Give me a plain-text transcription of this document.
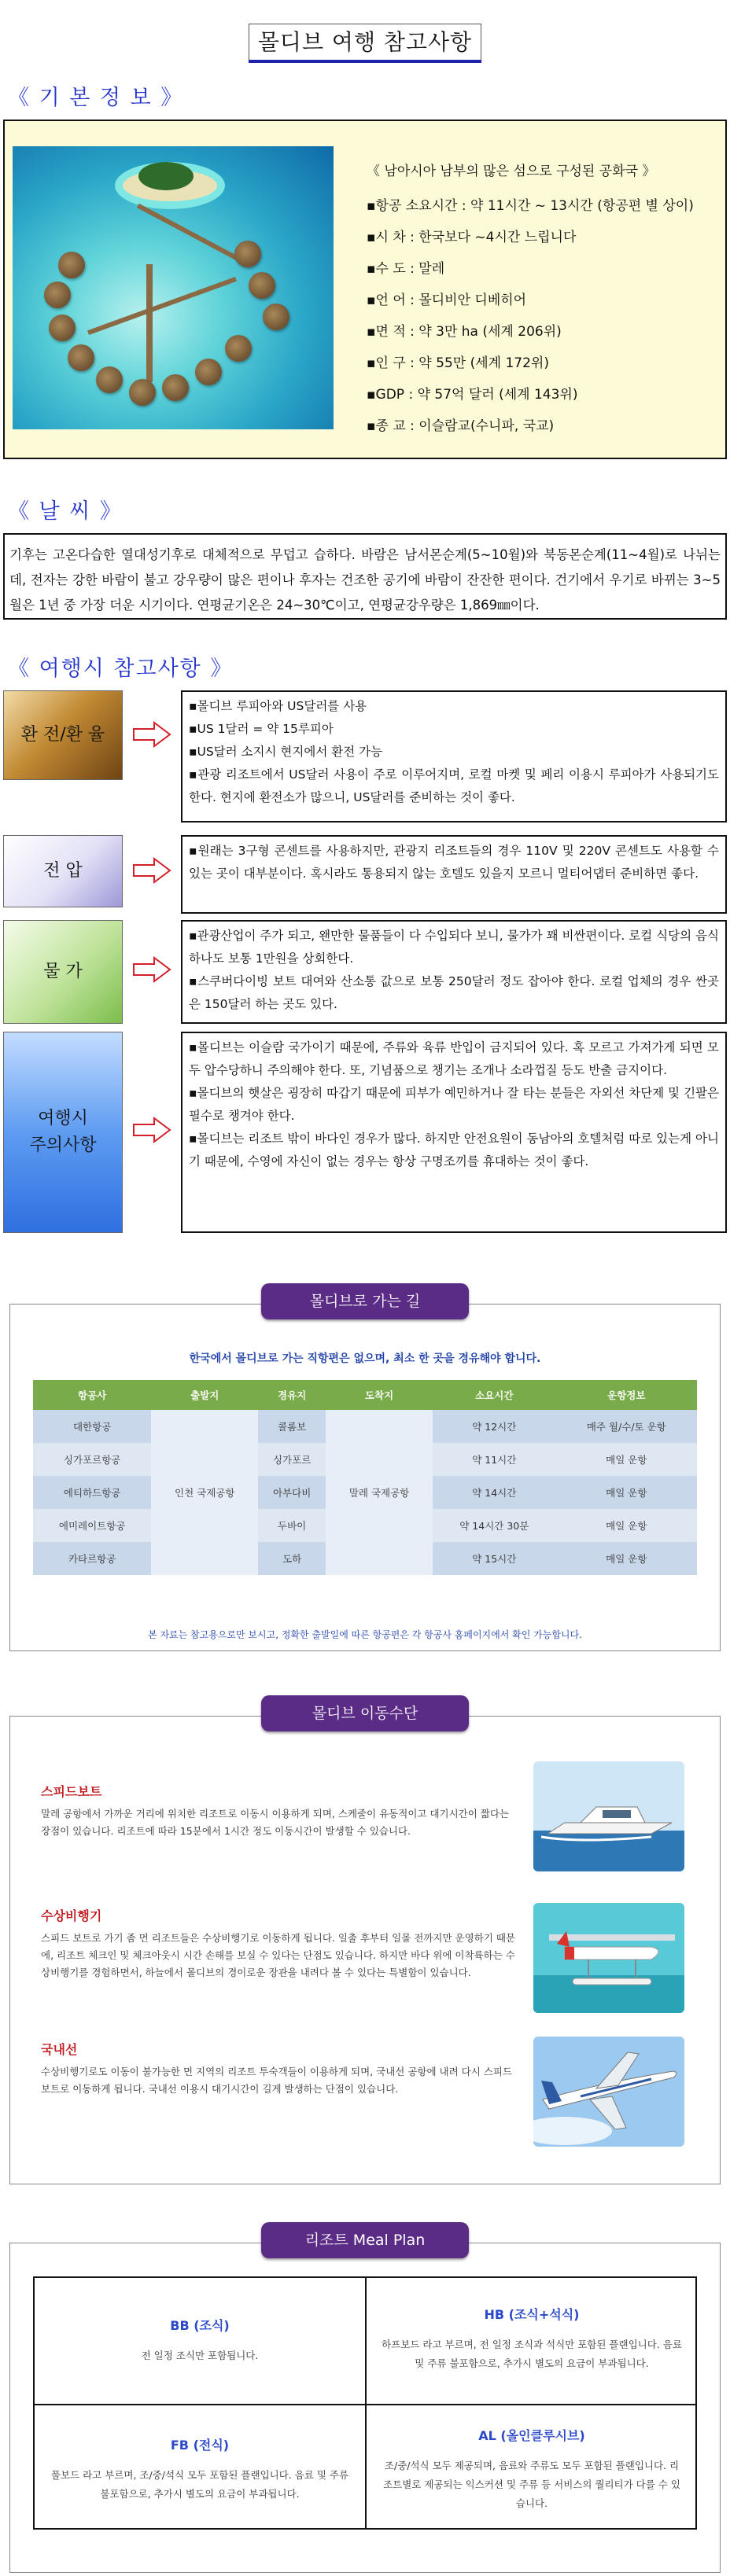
몰디브 여행 참고사항
《 기 본 정 보 》
《 남아시아 남부의 많은 섬으로 구성된 공화국 》
▪항공 소요시간 : 약 11시간 ~ 13시간 (항공편 별 상이)
▪시 차 : 한국보다 ~4시간 느립니다
▪수 도 : 말레
▪언 어 : 몰디비안 디베히어
▪면 적 : 약 3만 ha (세계 206위)
▪인 구 : 약 55만 (세계 172위)
▪GDP : 약 57억 달러 (세계 143위)
▪종 교 : 이슬람교(수니파, 국교)
《 날 씨 》
기후는 고온다습한 열대성기후로 대체적으로 무덥고 습하다. 바람은 남서몬순계(5~10월)와 북동몬순계(11~4월)로 나뉘는데, 전자는 강한 바람이 불고 강우량이 많은 편이나 후자는 건조한 공기에 바람이 잔잔한 편이다. 건기에서 우기로 바뀌는 3~5월은 1년 중 가장 더운 시기이다. 연평균기온은 24~30℃이고, 연평균강우량은 1,869㎜이다.
《 여행시 참고사항 》
환 전/환 율
▪몰디브 루피아와 US달러를 사용
▪US 1달러 = 약 15루피아
▪US달러 소지시 현지에서 환전 가능
▪관광 리조트에서 US달러 사용이 주로 이루어지며, 로컬 마켓 및 페리 이용시 루피아가 사용되기도 한다. 현지에 환전소가 많으니, US달러를 준비하는 것이 좋다.
전 압
▪원래는 3구형 콘센트를 사용하지만, 관광지 리조트들의 경우 110V 및 220V 콘센트도 사용할 수 있는 곳이 대부분이다. 혹시라도 통용되지 않는 호텔도 있을지 모르니 멀티어댑터 준비하면 좋다.
물 가
▪관광산업이 주가 되고, 왠만한 물품들이 다 수입되다 보니, 물가가 꽤 비싼편이다. 로컬 식당의 음식 하나도 보통 1만원을 상회한다.
▪스쿠버다이빙 보트 대여와 산소통 값으로 보통 250달러 정도 잡아야 한다. 로컬 업체의 경우 싼곳은 150달러 하는 곳도 있다.
여행시
주의사항
▪몰디브는 이슬람 국가이기 때문에, 주류와 육류 반입이 금지되어 있다. 혹 모르고 가져가게 되면 모두 압수당하니 주의해야 한다. 또, 기념품으로 챙기는 조개나 소라껍질 등도 반출 금지이다.
▪몰디브의 햇살은 굉장히 따갑기 때문에 피부가 예민하거나 잘 타는 분들은 자외선 차단제 및 긴팔은 필수로 챙겨야 한다.
▪몰디브는 리조트 밖이 바다인 경우가 많다. 하지만 안전요원이 동남아의 호텔처럼 따로 있는게 아니기 때문에, 수영에 자신이 없는 경우는 항상 구명조끼를 휴대하는 것이 좋다.
몰디브로 가는 길
한국에서 몰디브로 가는 직항편은 없으며, 최소 한 곳을 경유해야 합니다.
항공사	출발지	경유지	도착지	소요시간	운항정보
대한항공	인천 국제공항	콜롬보	말레 국제공항	약 12시간	매주 월/수/토 운항
싱가포르항공		싱가포르		약 11시간	매일 운항
에티하드항공		아부다비		약 14시간	매일 운항
에미레이트항공		두바이		약 14시간 30분	매일 운항
카타르항공		도하		약 15시간	매일 운항
본 자료는 참고용으로만 보시고, 정확한 출발일에 따른 항공편은 각 항공사 홈페이지에서 확인 가능합니다.
몰디브 이동수단
스피드보트
말레 공항에서 가까운 거리에 위치한 리조트로 이동시 이용하게 되며, 스케줄이 유동적이고 대기시간이 짧다는 장점이 있습니다. 리조트에 따라 15분에서 1시간 정도 이동시간이 발생할 수 있습니다.
수상비행기
스피드 보트로 가기 좀 먼 리조트들은 수상비행기로 이동하게 됩니다. 일출 후부터 일몰 전까지만 운영하기 때문에, 리조트 체크인 및 체크아웃시 시간 손해를 보실 수 있다는 단점도 있습니다. 하지만 바다 위에 이착륙하는 수상비행기를 경험하면서, 하늘에서 몰디브의 경이로운 장관을 내려다 볼 수 있다는 특별함이 있습니다.
국내선
수상비행기로도 이동이 불가능한 먼 지역의 리조트 투숙객들이 이용하게 되며, 국내선 공항에 내려 다시 스피드보트로 이동하게 됩니다. 국내선 이용시 대기시간이 길게 발생하는 단점이 있습니다.
리조트 Meal Plan
BB (조식)
전 일정 조식만 포함됩니다.
HB (조식+석식)
하프보드 라고 부르며, 전 일정 조식과 석식만 포함된 플랜입니다. 음료 및 주류 불포함으로, 추가시 별도의 요금이 부과됩니다.
FB (전식)
풀보드 라고 부르며, 조/중/석식 모두 포함된 플랜입니다. 음료 및 주류 불포함으로, 추가시 별도의 요금이 부과됩니다.
AL (올인클루시브)
조/중/석식 모두 제공되며, 음료와 주류도 모두 포함된 플랜입니다. 리조트별로 제공되는 익스커션 및 주류 등 서비스의 퀄리티가 다를 수 있습니다.
